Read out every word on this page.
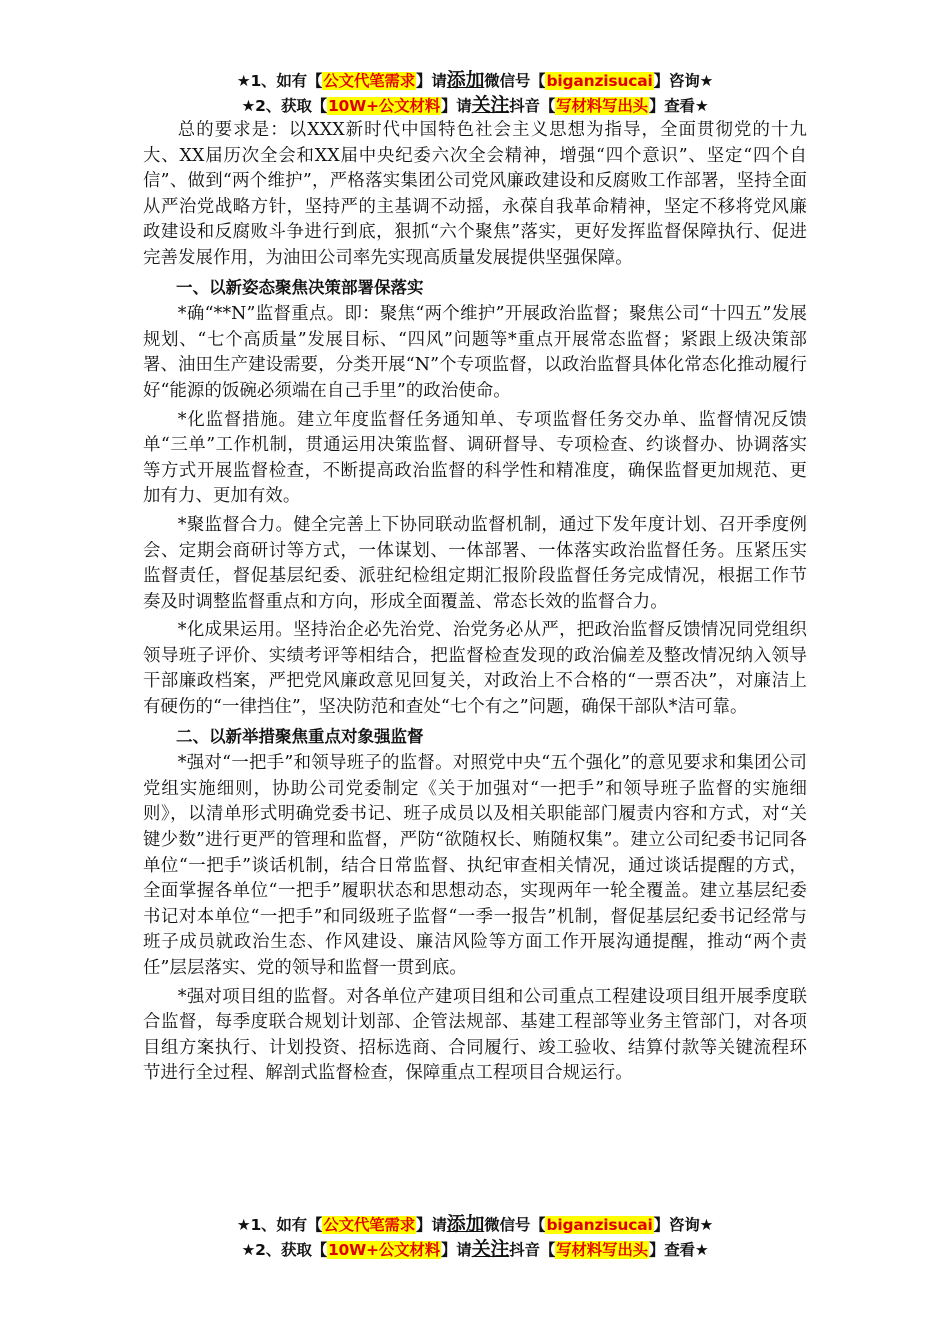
★1、如有【公文代笔需求】请添加微信号【biganzisucai】咨询★
★2、获取【10W+公文材料】请关注抖音【写材料写出头】查看★

总的要求是：以XXX新时代中国特色社会主义思想为指导，全面贯彻党的十九大、XX届历次全会和XX届中央纪委六次全会精神，增强“四个意识”、坚定“四个自信”、做到“两个维护”，严格落实集团公司党风廉政建设和反腐败工作部署，坚持全面从严治党战略方针，坚持严的主基调不动摇，永葆自我革命精神，坚定不移将党风廉政建设和反腐败斗争进行到底，狠抓“六个聚焦”落实，更好发挥监督保障执行、促进完善发展作用，为油田公司率先实现高质量发展提供坚强保障。

一、以新姿态聚焦决策部署保落实

*确“**N”监督重点。即：聚焦“两个维护”开展政治监督；聚焦公司“十四五”发展规划、“七个高质量”发展目标、“四风”问题等*重点开展常态监督；紧跟上级决策部署、油田生产建设需要，分类开展“N”个专项监督，以政治监督具体化常态化推动履行好“能源的饭碗必须端在自己手里”的政治使命。

*化监督措施。建立年度监督任务通知单、专项监督任务交办单、监督情况反馈单“三单”工作机制，贯通运用决策监督、调研督导、专项检查、约谈督办、协调落实等方式开展监督检查，不断提高政治监督的科学性和精准度，确保监督更加规范、更加有力、更加有效。

*聚监督合力。健全完善上下协同联动监督机制，通过下发年度计划、召开季度例会、定期会商研讨等方式，一体谋划、一体部署、一体落实政治监督任务。压紧压实监督责任，督促基层纪委、派驻纪检组定期汇报阶段监督任务完成情况，根据工作节奏及时调整监督重点和方向，形成全面覆盖、常态长效的监督合力。

*化成果运用。坚持治企必先治党、治党务必从严，把政治监督反馈情况同党组织领导班子评价、实绩考评等相结合，把监督检查发现的政治偏差及整改情况纳入领导干部廉政档案，严把党风廉政意见回复关，对政治上不合格的“一票否决”，对廉洁上有硬伤的“一律挡住”，坚决防范和查处“七个有之”问题，确保干部队*洁可靠。

二、以新举措聚焦重点对象强监督

*强对“一把手”和领导班子的监督。对照党中央“五个强化”的意见要求和集团公司党组实施细则，协助公司党委制定《关于加强对“一把手”和领导班子监督的实施细则》，以清单形式明确党委书记、班子成员以及相关职能部门履责内容和方式，对“关键少数”进行更严的管理和监督，严防“欲随权长、贿随权集”。建立公司纪委书记同各单位“一把手”谈话机制，结合日常监督、执纪审查相关情况，通过谈话提醒的方式，全面掌握各单位“一把手”履职状态和思想动态，实现两年一轮全覆盖。建立基层纪委书记对本单位“一把手”和同级班子监督“一季一报告”机制，督促基层纪委书记经常与班子成员就政治生态、作风建设、廉洁风险等方面工作开展沟通提醒，推动“两个责任”层层落实、党的领导和监督一贯到底。

*强对项目组的监督。对各单位产建项目组和公司重点工程建设项目组开展季度联合监督，每季度联合规划计划部、企管法规部、基建工程部等业务主管部门，对各项目组方案执行、计划投资、招标选商、合同履行、竣工验收、结算付款等关键流程环节进行全过程、解剖式监督检查，保障重点工程项目合规运行。

★1、如有【公文代笔需求】请添加微信号【biganzisucai】咨询★
★2、获取【10W+公文材料】请关注抖音【写材料写出头】查看★
